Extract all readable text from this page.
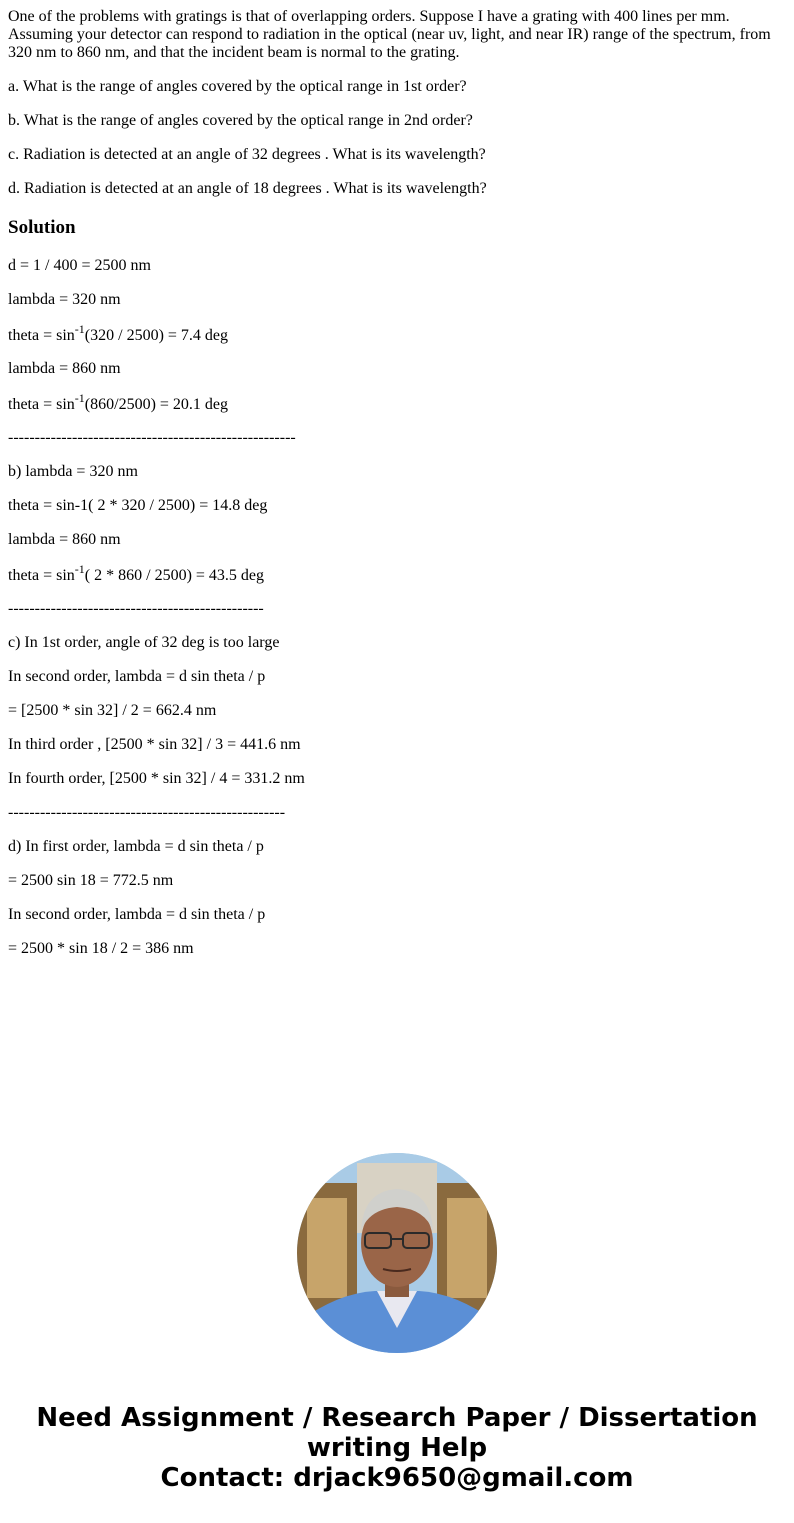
One of the problems with gratings is that of overlapping orders. Suppose I have a grating with 400 lines per mm. Assuming your detector can respond to radiation in the optical (near uv, light, and near IR) range of the spectrum, from 320 nm to 860 nm, and that the incident beam is normal to the grating.

a. What is the range of angles covered by the optical range in 1st order?

b. What is the range of angles covered by the optical range in 2nd order?

c. Radiation is detected at an angle of 32 degrees . What is its wavelength?

d. Radiation is detected at an angle of 18 degrees . What is its wavelength?

Solution

d = 1 / 400 = 2500 nm

lambda = 320 nm

theta = $\sin^{-1}(320 / 2500) = 7.4$ deg

lambda = 860 nm

theta = $\sin^{-1}(860/2500) = 20.1$ deg

------------------------------------------------------

b) lambda = 320 nm

theta = sin-1( 2 * 320 / 2500) = 14.8 deg

lambda = 860 nm

theta = $\sin^{-1}$( 2 * 860 / 2500) = 43.5 deg

------------------------------------------------

c) In 1st order, angle of 32 deg is too large

In second order, lambda = d sin theta / p

= [2500 * sin 32] / 2 = 662.4 nm

In third order , [2500 * sin 32] / 3 = 441.6 nm

In fourth order, [2500 * sin 32] / 4 = 331.2 nm

----------------------------------------------------

d) In first order, lambda = d sin theta / p

= 2500 sin 18 = 772.5 nm

In second order, lambda = d sin theta / p

= 2500 * sin 18 / 2 = 386 nm

Need Assignment / Research Paper / Dissertation
writing Help
Contact: drjack9650@gmail.com
